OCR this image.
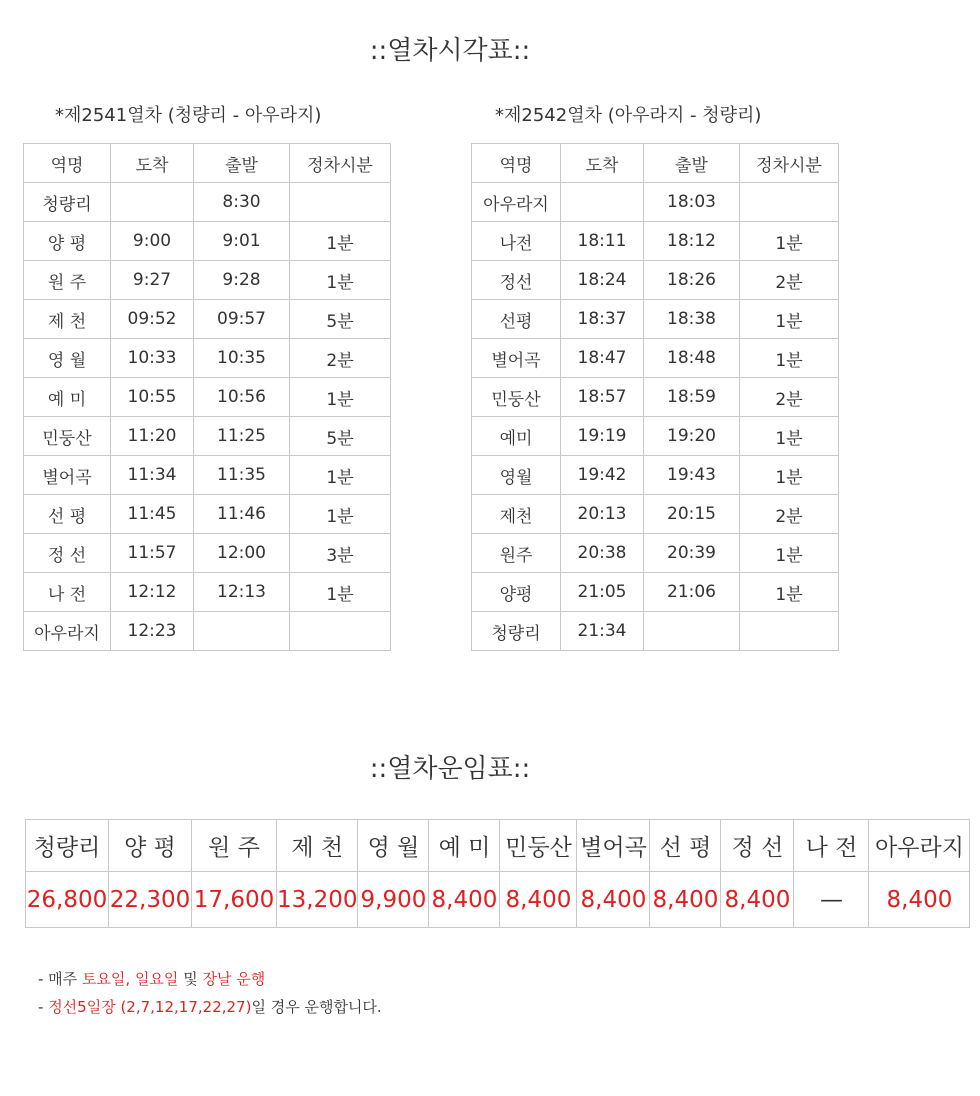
::열차시각표::
*제2541열차 (청량리 - 아우라지)	*제2542열차 (아우라지 - 청량리)
역명	도착	출발	정차시분
청량리		8:30	
양 평	9:00	9:01	1분
원 주	9:27	9:28	1분
제 천	09:52	09:57	5분
영 월	10:33	10:35	2분
예 미	10:55	10:56	1분
민둥산	11:20	11:25	5분
별어곡	11:34	11:35	1분
선 평	11:45	11:46	1분
정 선	11:57	12:00	3분
나 전	12:12	12:13	1분
아우라지	12:23		
역명	도착	출발	정차시분
아우라지		18:03	
나전	18:11	18:12	1분
정선	18:24	18:26	2분
선평	18:37	18:38	1분
별어곡	18:47	18:48	1분
민둥산	18:57	18:59	2분
예미	19:19	19:20	1분
영월	19:42	19:43	1분
제천	20:13	20:15	2분
원주	20:38	20:39	1분
양평	21:05	21:06	1분
청량리	21:34		
::열차운임표::
청량리	양 평	원 주	제 천	영 월	예 미	민둥산	별어곡	선 평	정 선	나 전	아우라지
26,800	22,300	17,600	13,200	9,900	8,400	8,400	8,400	8,400	8,400	—	8,400
- 매주 토요일, 일요일 및 장날 운행
- 정선5일장 (2,7,12,17,22,27)일 경우 운행합니다.
